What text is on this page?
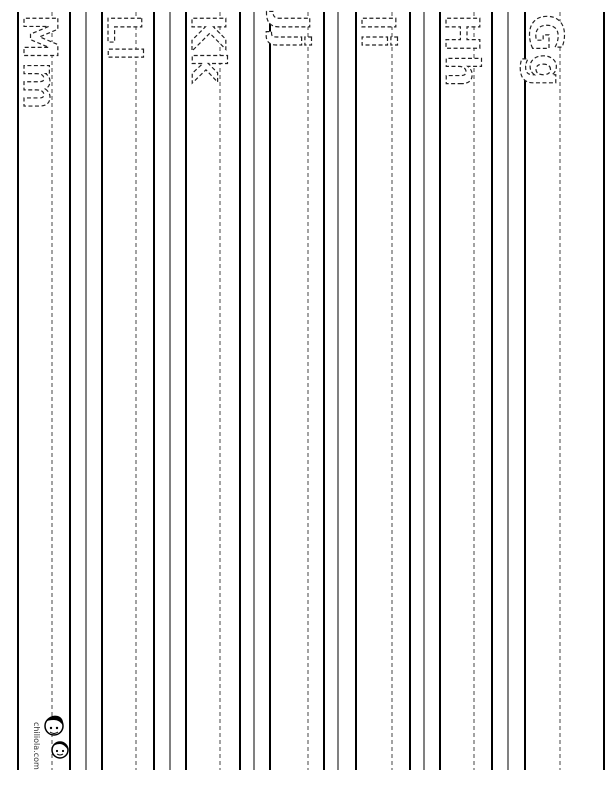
Gg
Hh
Ii
Jj
Kk
Ll
Mm
chiliola.com
